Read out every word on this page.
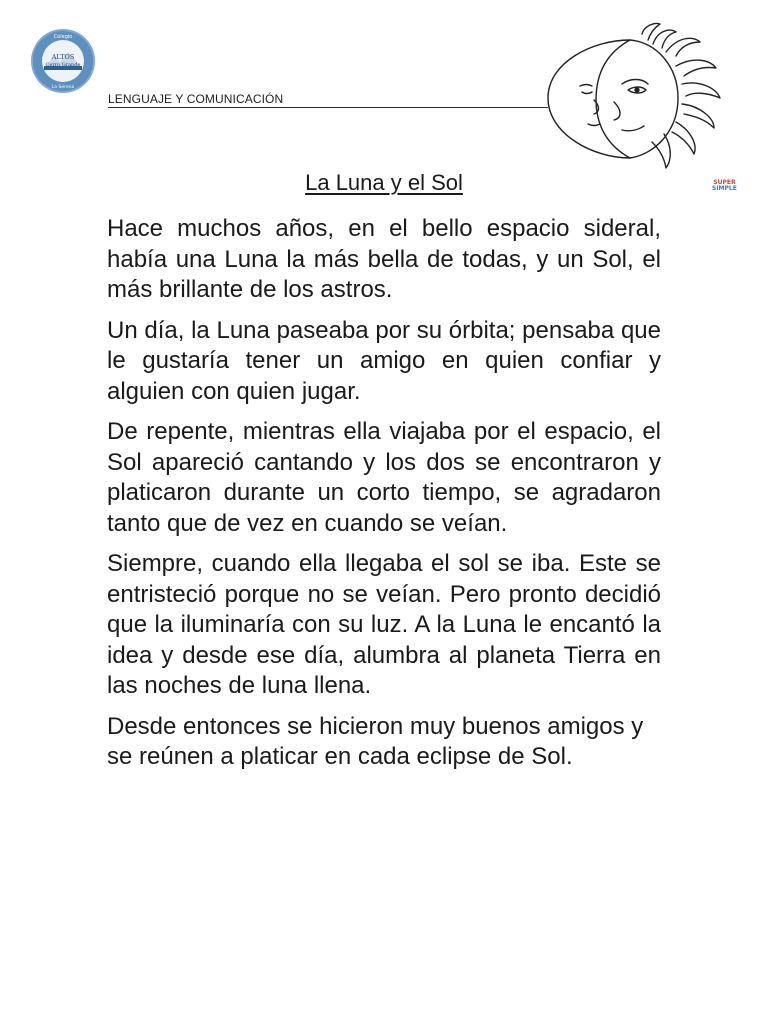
Colegio
ALTOS
Cerro Grande
La Serena
LENGUAJE Y COMUNICACIÓN
SUPER
SIMPLE
La Luna y el Sol

Hace muchos años, en el bello espacio sideral, había una Luna la más bella de todas, y un Sol, el más brillante de los astros.

Un día, la Luna paseaba por su órbita; pensaba que le gustaría tener un amigo en quien confiar y alguien con quien jugar.

De repente, mientras ella viajaba por el espacio, el Sol apareció cantando y los dos se encontraron y platicaron durante un corto tiempo, se agradaron tanto que de vez en cuando se veían.

Siempre, cuando ella llegaba el sol se iba. Este se entristeció porque no se veían. Pero pronto decidió que la iluminaría con su luz. A la Luna le encantó la idea y desde ese día, alumbra al planeta Tierra en las noches de luna llena.

Desde entonces se hicieron muy buenos amigos y se reúnen a platicar en cada eclipse de Sol.
